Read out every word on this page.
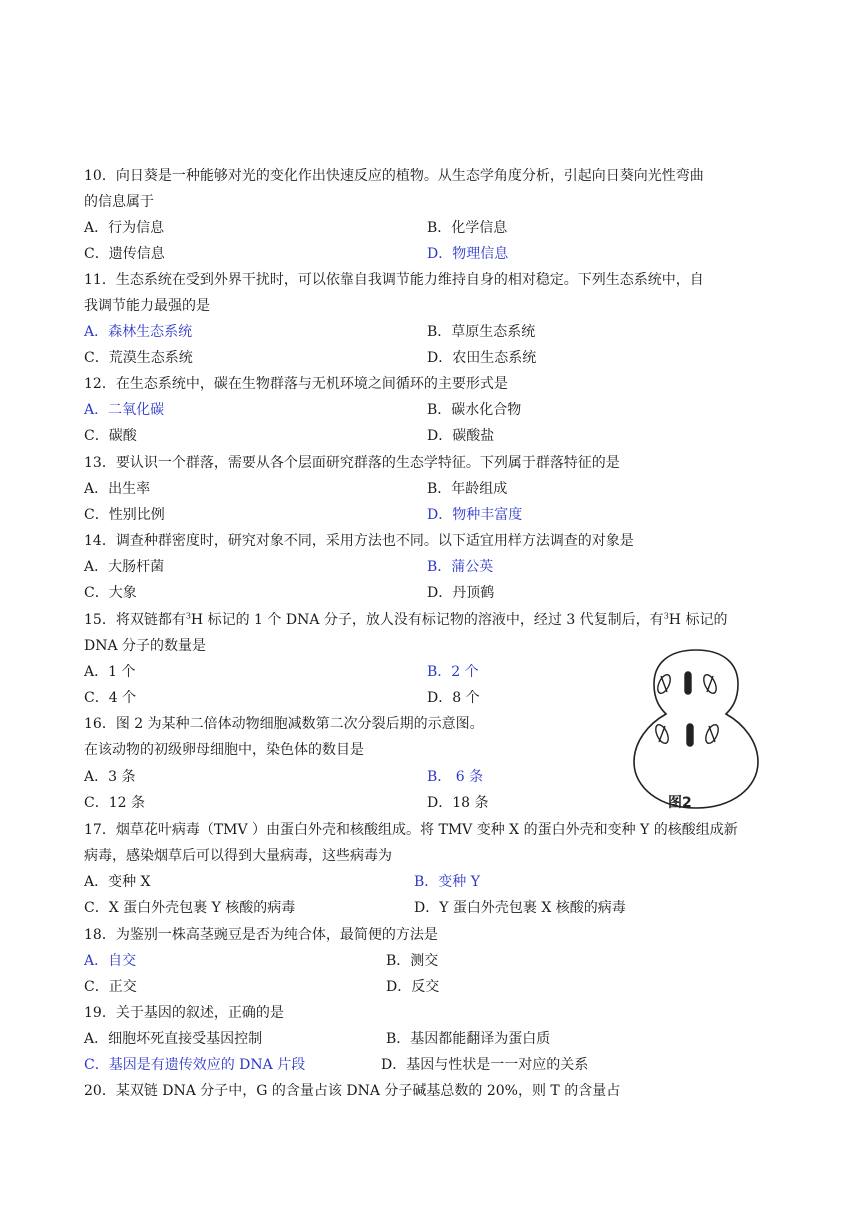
10．向日葵是一种能够对光的变化作出快速反应的植物。从生态学角度分析，引起向日葵向光性弯曲
的信息属于
A．行为信息	B．化学信息
C．遗传信息	D．物理信息
11．生态系统在受到外界干扰时，可以依靠自我调节能力维持自身的相对稳定。下列生态系统中，自
我调节能力最强的是
A．森林生态系统	B．草原生态系统
C．荒漠生态系统	D．农田生态系统
12．在生态系统中，碳在生物群落与无机环境之间循环的主要形式是
A．二氧化碳	B．碳水化合物
C．碳酸	D．碳酸盐
13．要认识一个群落，需要从各个层面研究群落的生态学特征。下列属于群落特征的是
A．出生率	B．年龄组成
C．性别比例	D．物种丰富度
14．调查种群密度时，研究对象不同，采用方法也不同。以下适宜用样方法调查的对象是
A．大肠杆菌	B．蒲公英
C．大象	D．丹顶鹤
15．将双链都有$^3$H 标记的 1 个 DNA 分子，放人没有标记物的溶液中，经过 3 代复制后，有$^3$H 标记的
DNA 分子的数量是
A．1 个	B．2 个
C．4 个	D．8 个
16．图 2 为某种二倍体动物细胞减数第二次分裂后期的示意图。
在该动物的初级卵母细胞中，染色体的数目是
A．3 条	B． 6 条
C．12 条	D．18 条	图2
17．烟草花叶病毒（TMV ）由蛋白外壳和核酸组成。将 TMV 变种 X 的蛋白外壳和变种 Y 的核酸组成新
病毒，感染烟草后可以得到大量病毒，这些病毒为
A．变种 X	B．变种 Y
C．X 蛋白外壳包裹 Y 核酸的病毒	D．Y 蛋白外壳包裹 X 核酸的病毒
18．为鉴别一株高茎豌豆是否为纯合体，最简便的方法是
A．自交	B．测交
C．正交	D．反交
19．关于基因的叙述，正确的是
A．细胞坏死直接受基因控制	B．基因都能翻译为蛋白质
C．基因是有遗传效应的 DNA 片段	D．基因与性状是一一对应的关系
20．某双链 DNA 分子中，G 的含量占该 DNA 分子碱基总数的 20%，则 T 的含量占
